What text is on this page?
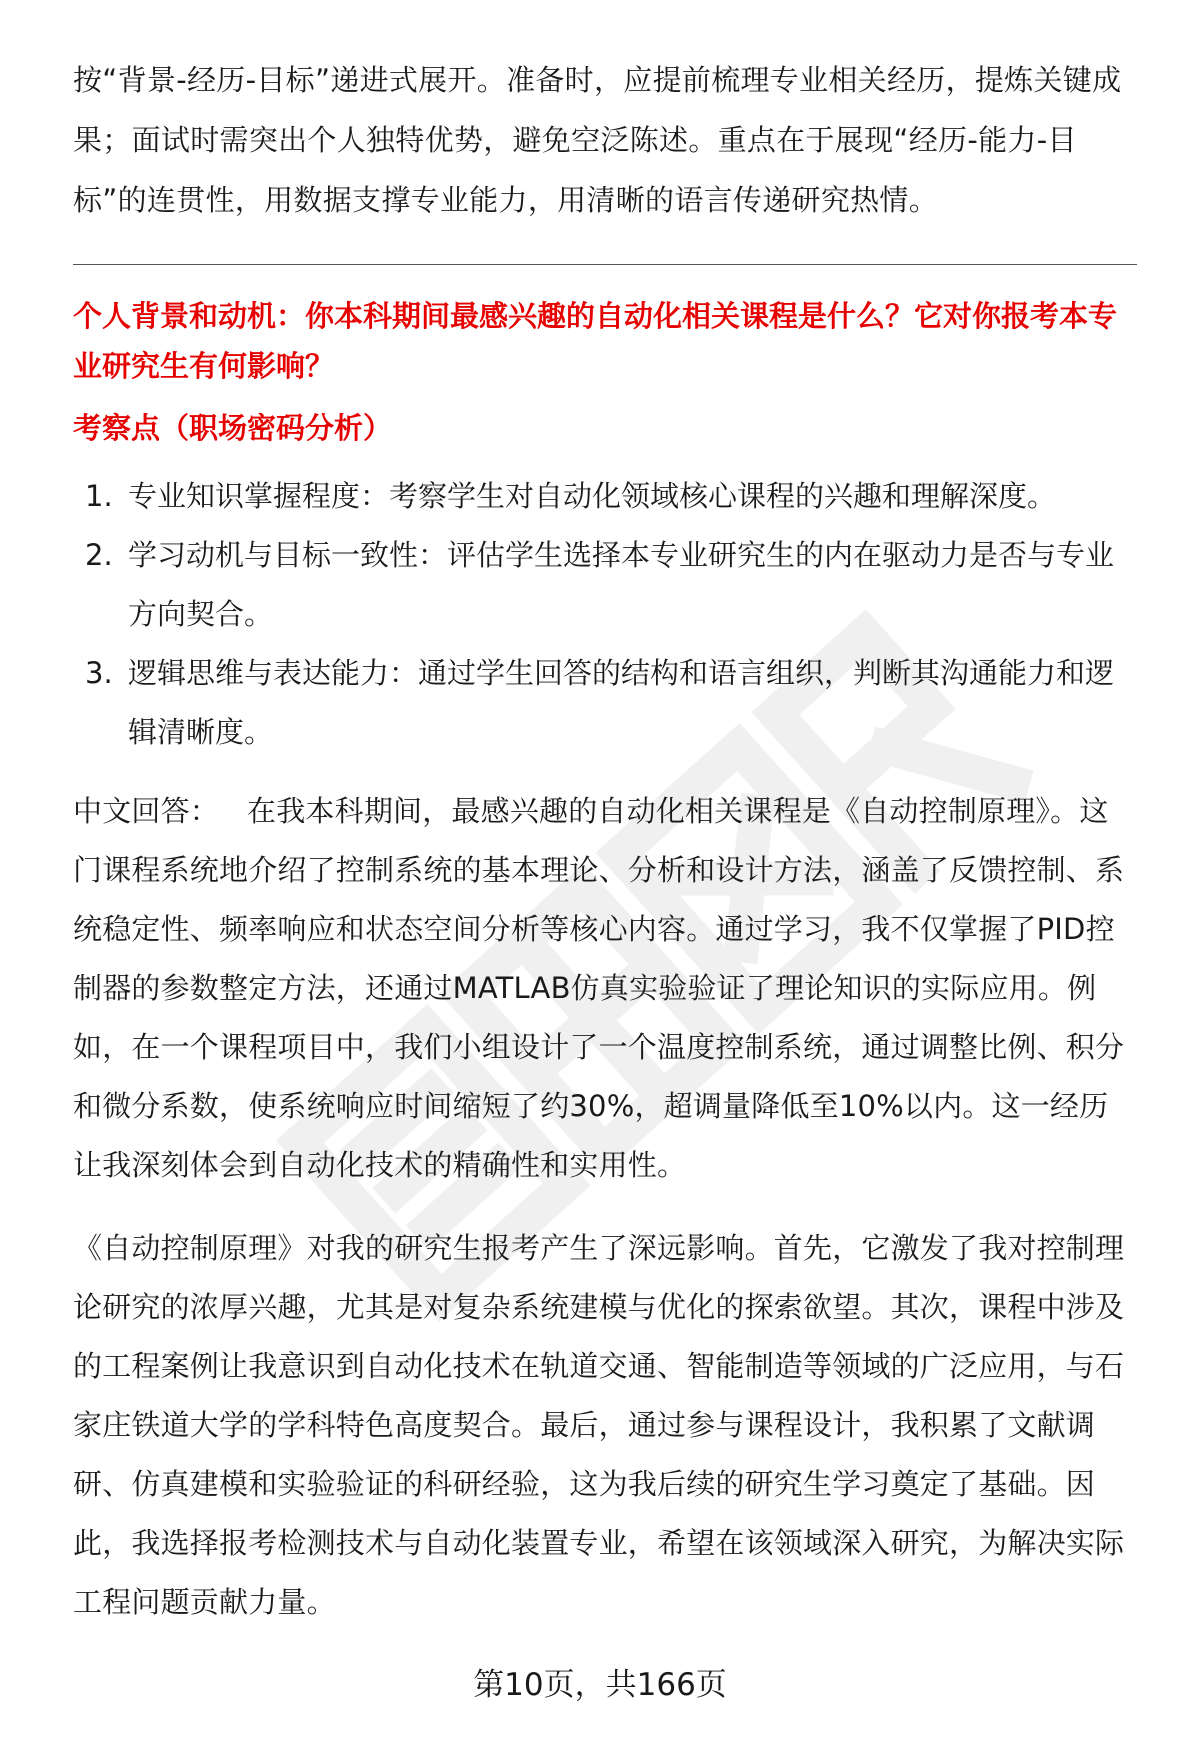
按“背景-经历-目标”递进式展开。准备时，应提前梳理专业相关经历，提炼关键成果；面试时需突出个人独特优势，避免空泛陈述。重点在于展现“经历-能力-目标”的连贯性，用数据支撑专业能力，用清晰的语言传递研究热情。

个人背景和动机：你本科期间最感兴趣的自动化相关课程是什么？它对你报考本专业研究生有何影响？

考察点（职场密码分析）

1. 专业知识掌握程度：考察学生对自动化领域核心课程的兴趣和理解深度。
2. 学习动机与目标一致性：评估学生选择本专业研究生的内在驱动力是否与专业方向契合。
3. 逻辑思维与表达能力：通过学生回答的结构和语言组织，判断其沟通能力和逻辑清晰度。

中文回答： 在我本科期间，最感兴趣的自动化相关课程是《自动控制原理》。这门课程系统地介绍了控制系统的基本理论、分析和设计方法，涵盖了反馈控制、系统稳定性、频率响应和状态空间分析等核心内容。通过学习，我不仅掌握了PID控制器的参数整定方法，还通过MATLAB仿真实验验证了理论知识的实际应用。例如，在一个课程项目中，我们小组设计了一个温度控制系统，通过调整比例、积分和微分系数，使系统响应时间缩短了约30%，超调量降低至10%以内。这一经历让我深刻体会到自动化技术的精确性和实用性。

《自动控制原理》对我的研究生报考产生了深远影响。首先，它激发了我对控制理论研究的浓厚兴趣，尤其是对复杂系统建模与优化的探索欲望。其次，课程中涉及的工程案例让我意识到自动化技术在轨道交通、智能制造等领域的广泛应用，与石家庄铁道大学的学科特色高度契合。最后，通过参与课程设计，我积累了文献调研、仿真建模和实验验证的科研经验，这为我后续的研究生学习奠定了基础。因此，我选择报考检测技术与自动化装置专业，希望在该领域深入研究，为解决实际工程问题贡献力量。

第10页，共166页
